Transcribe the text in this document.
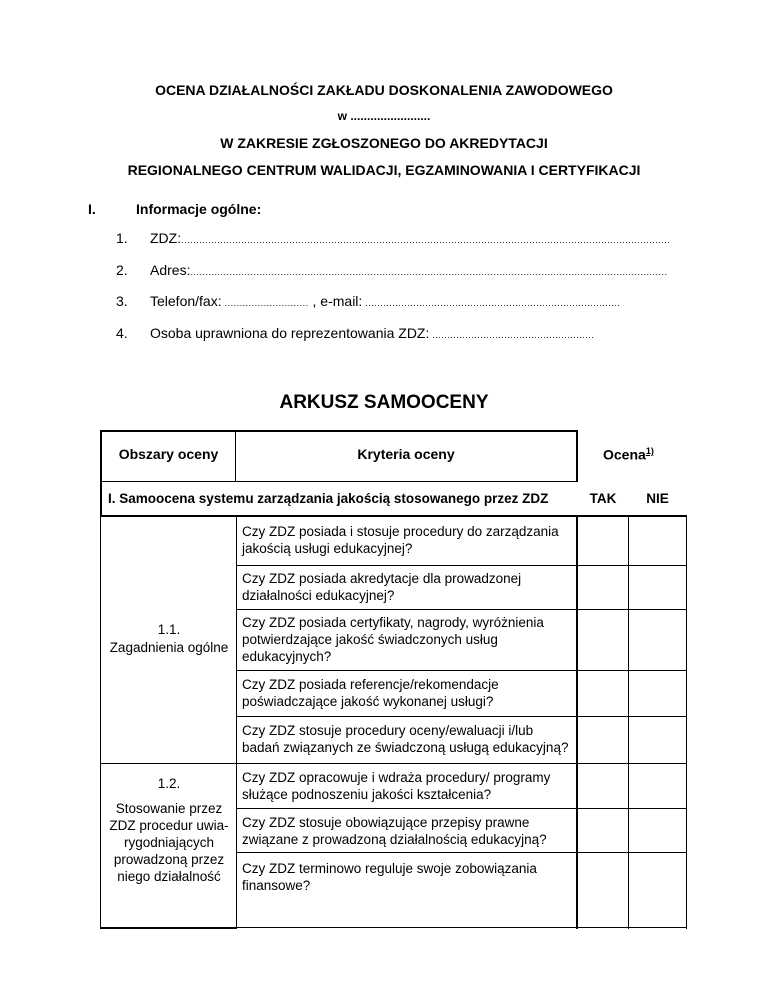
OCENA DZIAŁALNOŚCI ZAKŁADU DOSKONALENIA ZAWODOWEGO
w ........................
W ZAKRESIE ZGŁOSZONEGO DO AKREDYTACJI
REGIONALNEGO CENTRUM WALIDACJI, EGZAMINOWANIA I CERTYFIKACJI
I.	Informacje ogólne:
1. ZDZ:...................................................................................................................................................................
2. Adres:...............................................................................................................................................................
3. Telefon/fax: ............................ , e-mail: .....................................................................................
4. Osoba uprawniona do reprezentowania ZDZ: ......................................................
ARKUSZ SAMOOCENY
Obszary oceny	Kryteria oceny	Ocena$^{1)}$
I. Samoocena systemu zarządzania jakością stosowanego przez ZDZ	TAK	NIE
1.1.
Zagadnienia ogólne
Czy ZDZ posiada i stosuje procedury do zarządzania jakością usługi edukacyjnej?
Czy ZDZ posiada akredytacje dla prowadzonej działalności edukacyjnej?
Czy ZDZ posiada certyfikaty, nagrody, wyróżnienia potwierdzające jakość świadczonych usług edukacyjnych?
Czy ZDZ posiada referencje/rekomendacje poświadczające jakość wykonanej usługi?
Czy ZDZ stosuje procedury oceny/ewaluacji i/lub badań związanych ze świadczoną usługą edukacyjną?
1.2.
Stosowanie przez
ZDZ procedur uwia-
rygodniających
prowadzoną przez
niego działalność
Czy ZDZ opracowuje i wdraża procedury/ programy służące podnoszeniu jakości kształcenia?
Czy ZDZ stosuje obowiązujące przepisy prawne związane z prowadzoną działalnością edukacyjną?
Czy ZDZ terminowo reguluje swoje zobowiązania finansowe?
